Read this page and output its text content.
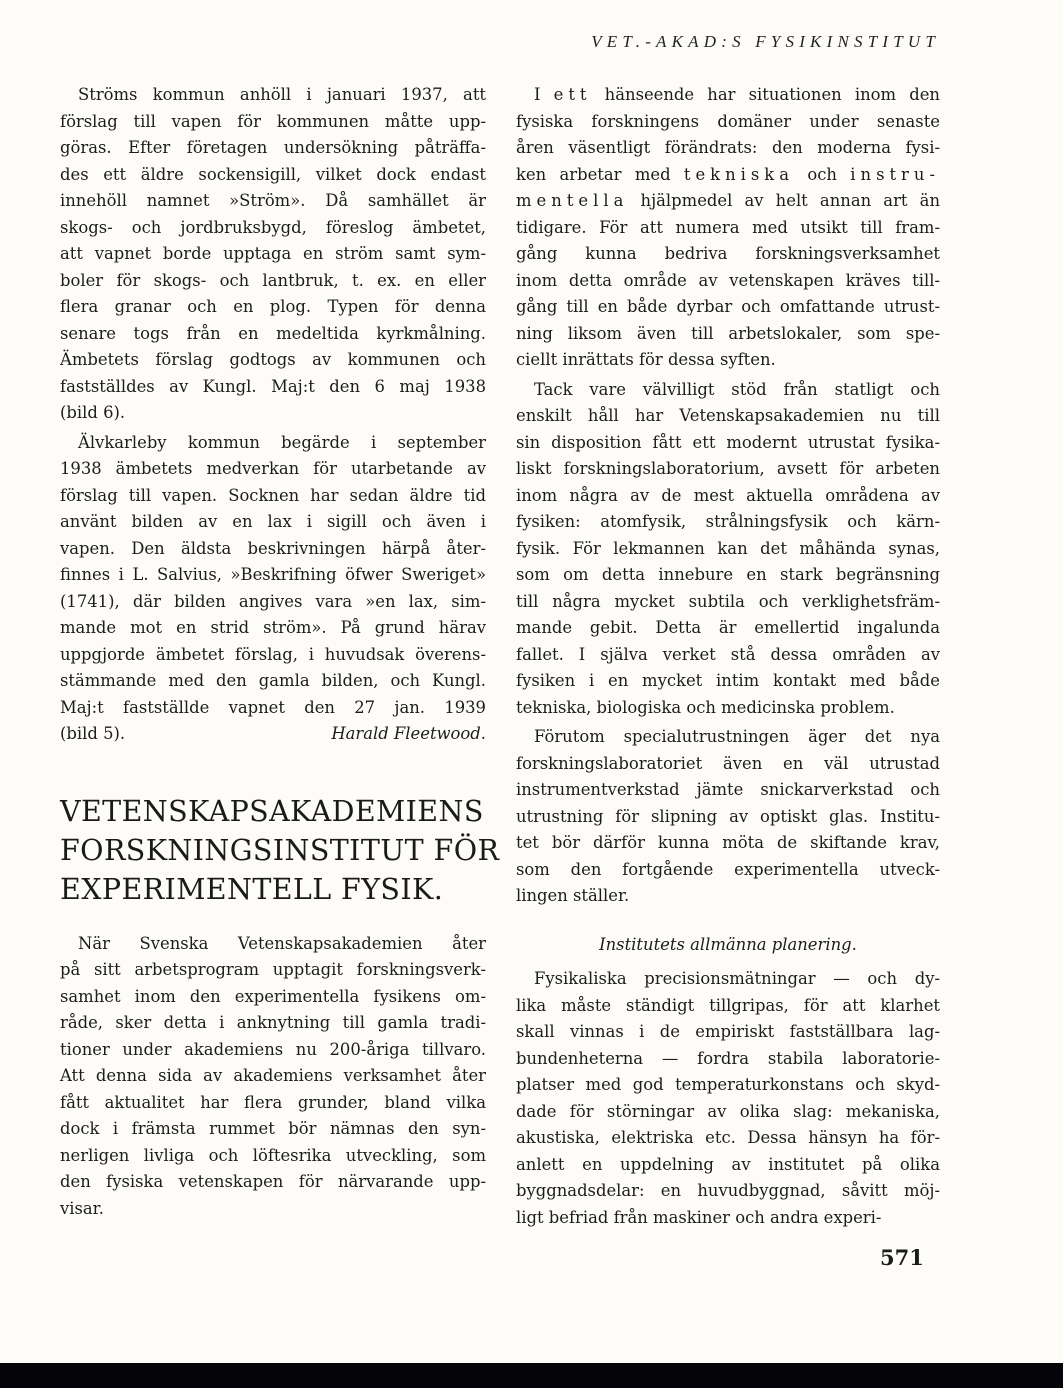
VET.-AKAD:S FYSIKINSTITUT
Ströms kommun anhöll i januari 1937, att
förslag till vapen för kommunen måtte upp-
göras. Efter företagen undersökning påträffa-
des ett äldre sockensigill, vilket dock endast
innehöll namnet »Ström». Då samhället är
skogs- och jordbruksbygd, föreslog ämbetet,
att vapnet borde upptaga en ström samt sym-
boler för skogs- och lantbruk, t. ex. en eller
flera granar och en plog. Typen för denna
senare togs från en medeltida kyrkmålning.
Ämbetets förslag godtogs av kommunen och
fastställdes av Kungl. Maj:t den 6 maj 1938
(bild 6).
Älvkarleby kommun begärde i september
1938 ämbetets medverkan för utarbetande av
förslag till vapen. Socknen har sedan äldre tid
använt bilden av en lax i sigill och även i
vapen. Den äldsta beskrivningen härpå åter-
finnes i L. Salvius, »Beskrifning öfwer Sweriget»
(1741), där bilden angives vara »en lax, sim-
mande mot en strid ström». På grund härav
uppgjorde ämbetet förslag, i huvudsak överens-
stämmande med den gamla bilden, och Kungl.
Maj:t fastställde vapnet den 27 jan. 1939
(bild 5).	Harald Fleetwood.
VETENSKAPSAKADEMIENS
FORSKNINGSINSTITUT FÖR
EXPERIMENTELL FYSIK.
När Svenska Vetenskapsakademien åter
på sitt arbetsprogram upptagit forskningsverk-
samhet inom den experimentella fysikens om-
råde, sker detta i anknytning till gamla tradi-
tioner under akademiens nu 200-åriga tillvaro.
Att denna sida av akademiens verksamhet åter
fått aktualitet har flera grunder, bland vilka
dock i främsta rummet bör nämnas den syn-
nerligen livliga och löftesrika utveckling, som
den fysiska vetenskapen för närvarande upp-
visar.
I ett hänseende har situationen inom den
fysiska forskningens domäner under senaste
åren väsentligt förändrats: den moderna fysi-
ken arbetar med tekniska och instru-
mentella hjälpmedel av helt annan art än
tidigare. För att numera med utsikt till fram-
gång kunna bedriva forskningsverksamhet
inom detta område av vetenskapen kräves till-
gång till en både dyrbar och omfattande utrust-
ning liksom även till arbetslokaler, som spe-
ciellt inrättats för dessa syften.
Tack vare välvilligt stöd från statligt och
enskilt håll har Vetenskapsakademien nu till
sin disposition fått ett modernt utrustat fysika-
liskt forskningslaboratorium, avsett för arbeten
inom några av de mest aktuella områdena av
fysiken: atomfysik, strålningsfysik och kärn-
fysik. För lekmannen kan det måhända synas,
som om detta innebure en stark begränsning
till några mycket subtila och verklighetsfräm-
mande gebit. Detta är emellertid ingalunda
fallet. I själva verket stå dessa områden av
fysiken i en mycket intim kontakt med både
tekniska, biologiska och medicinska problem.
Förutom specialutrustningen äger det nya
forskningslaboratoriet även en väl utrustad
instrumentverkstad jämte snickarverkstad och
utrustning för slipning av optiskt glas. Institu-
tet bör därför kunna möta de skiftande krav,
som den fortgående experimentella utveck-
lingen ställer.
Institutets allmänna planering.
Fysikaliska precisionsmätningar — och dy-
lika måste ständigt tillgripas, för att klarhet
skall vinnas i de empiriskt fastställbara lag-
bundenheterna — fordra stabila laboratorie-
platser med god temperaturkonstans och skyd-
dade för störningar av olika slag: mekaniska,
akustiska, elektriska etc. Dessa hänsyn ha för-
anlett en uppdelning av institutet på olika
byggnadsdelar: en huvudbyggnad, såvitt möj-
ligt befriad från maskiner och andra experi-
571
